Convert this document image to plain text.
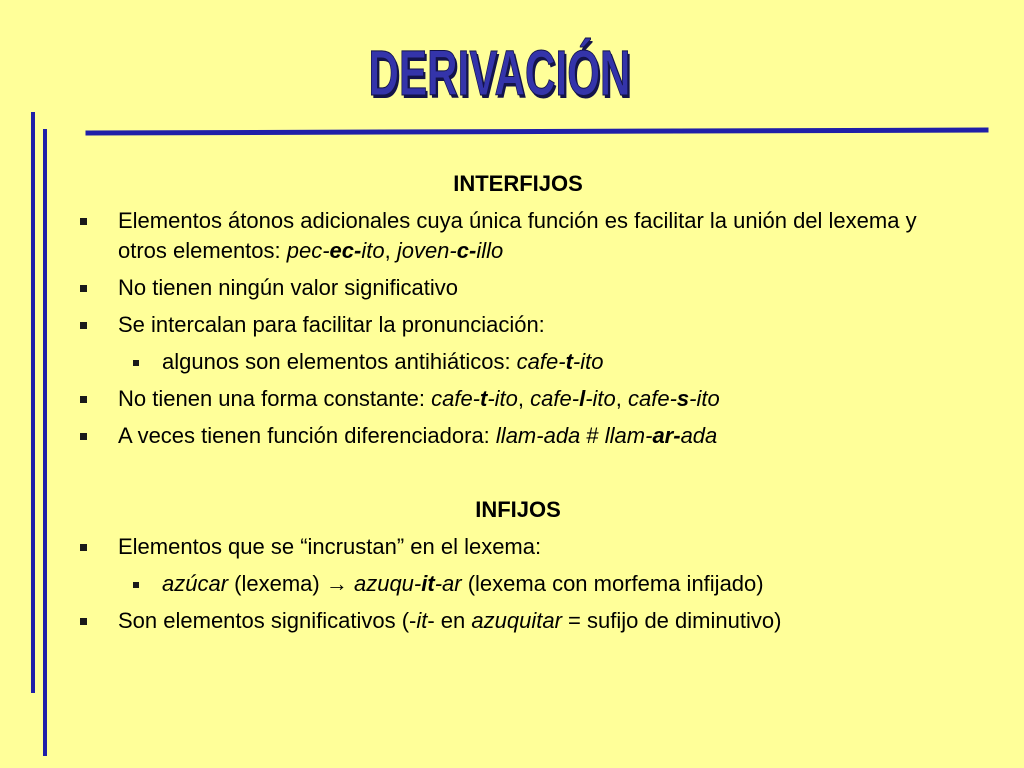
DERIVACIÓN
INTERFIJOS
Elementos átonos adicionales cuya única función es facilitar la unión del lexema y otros elementos: pec-ec-ito, joven-c-illo
No tienen ningún valor significativo
Se intercalan para facilitar la pronunciación:
algunos son elementos antihiáticos: cafe-t-ito
No tienen una forma constante: cafe-t-ito, cafe-l-ito, cafe-s-ito
A veces tienen función diferenciadora: llam-ada # llam-ar-ada
INFIJOS
Elementos que se “incrustan” en el lexema:
azúcar (lexema) → azuqu-it-ar (lexema con morfema infijado)
Son elementos significativos (-it- en azuquitar = sufijo de diminutivo)
